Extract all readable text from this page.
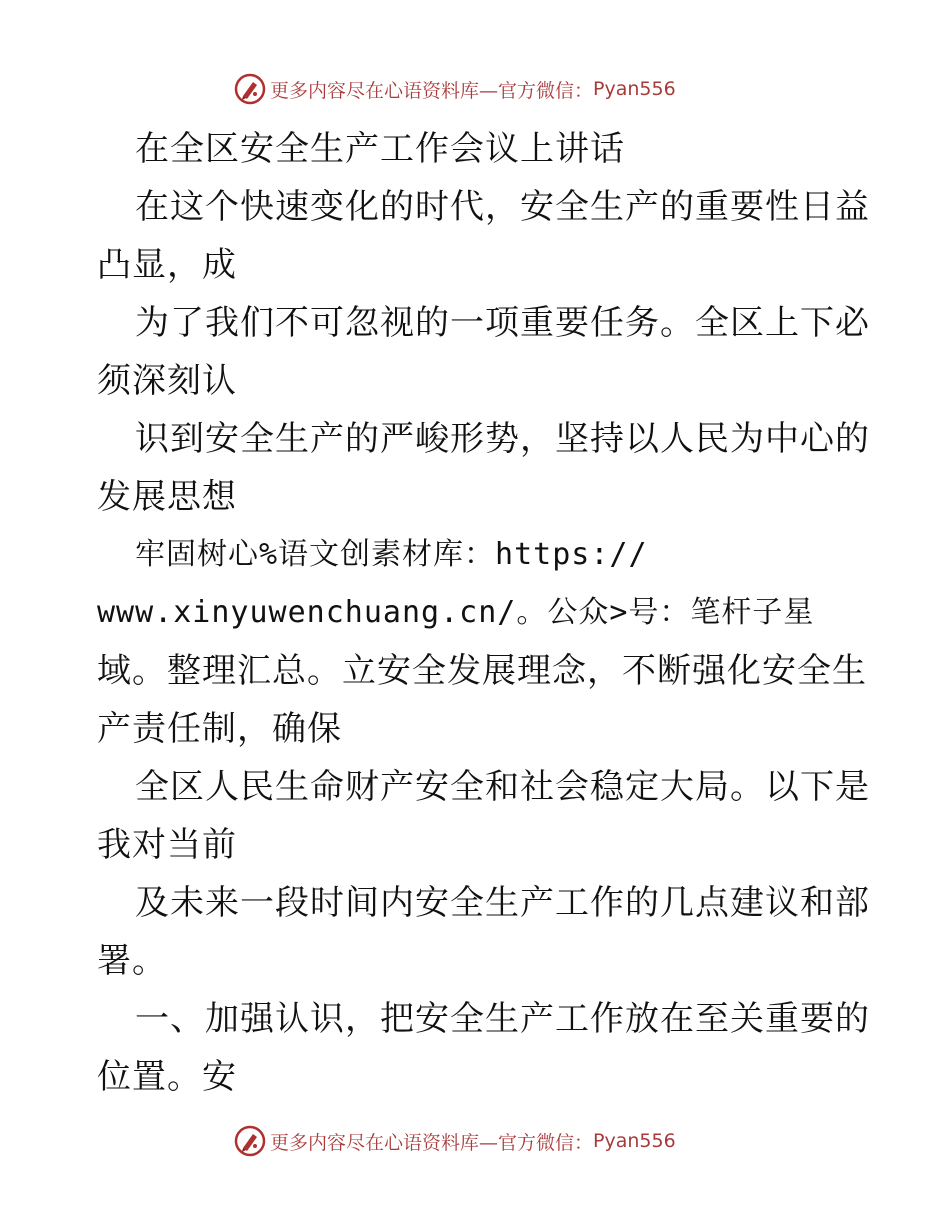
更多内容尽在心语资料库—官方微信： Pyan556
在全区安全生产工作会议上讲话
在这个快速变化的时代，安全生产的重要性日益
凸显，成
为了我们不可忽视的一项重要任务。全区上下必
须深刻认
识到安全生产的严峻形势，坚持以人民为中心的
发展思想
牢固树心%语文创素材库：https://
www.xinyuwenchuang.cn/。公众>号：笔杆子星
域。整理汇总。立安全发展理念，不断强化安全生
产责任制，确保
全区人民生命财产安全和社会稳定大局。以下是
我对当前
及未来一段时间内安全生产工作的几点建议和部
署。
一、加强认识，把安全生产工作放在至关重要的
位置。安
更多内容尽在心语资料库—官方微信： Pyan556
